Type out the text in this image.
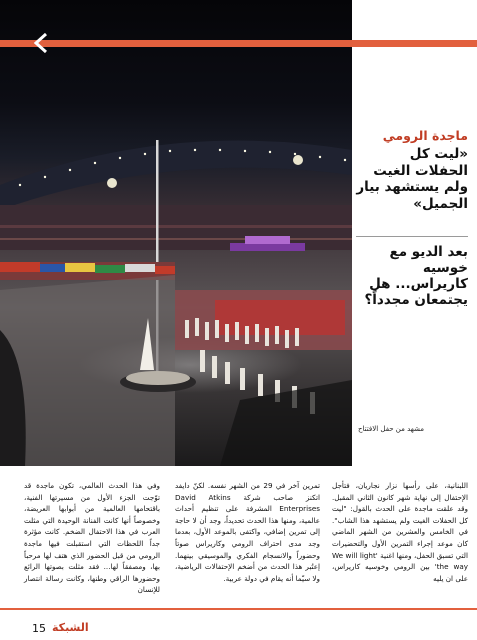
ماجدة الرومي
«ليت كل الحفلات الغيت ولم يستشهد بيار الجميل»
بعد الديو مع خوسيه كاريراس... هل يجتمعان مجدداً؟
مشهد من حفل الافتتاح
اللبنانية، على رأسها نزار نجاريان، فتأجل الإحتفال إلى نهاية شهر كانون الثاني المقبل. وقد علقت ماجدة على الحدث بالقول: "ليت كل الحفلات الغيت ولم يستشهد هذا الشاب". في الخامس والعشرين من الشهر الماضي كان موعد إجراء التمرين الأول والتحضيرات التي تسبق الحفل، ومنها اغنية 'We will light the way' بين الرومي وخوسيه كاريراس، على ان يليه
تمرين آخر في 29 من الشهر نفسه. لكنّ دايفد اتكنز صاحب شركة David Atkins Enterprises المشرفة على تنظيم أحداث عالمية، ومنها هذا الحدث تحديداً، وجد أن لا حاجة إلى تمرين إضافي، واكتفى بالموعد الأول، بعدما وجد مدى احتراف الرومي وكاريراس صوتاً وحضوراً والانسجام الفكري والموسيقي بينهما. إعتُبر هذا الحدث من أضخم الإحتفالات الرياضية، ولا سيّما أنه يقام في دولة عربية.
وفي هذا الحدث العالمي، تكون ماجدة قد توّجت الجزء الأول من مسيرتها الفنية، باقتحامها العالمية من أبوابها العريضة، وخصوصاً أنها كانت الفنانة الوحيدة التي مثلت العرب في هذا الاحتفال الضخم. كانت مؤثرة جداً اللحظات التي استقبلت فيها ماجدة الرومي من قبل الحضور الذي هتف لها مرحباً بها، ومصفقاً لها... فقد مثلت بصوتها الرائع وحضورها الراقي وطنها، وكانت رسالة انتصار للإنسان
15 الشبكة
